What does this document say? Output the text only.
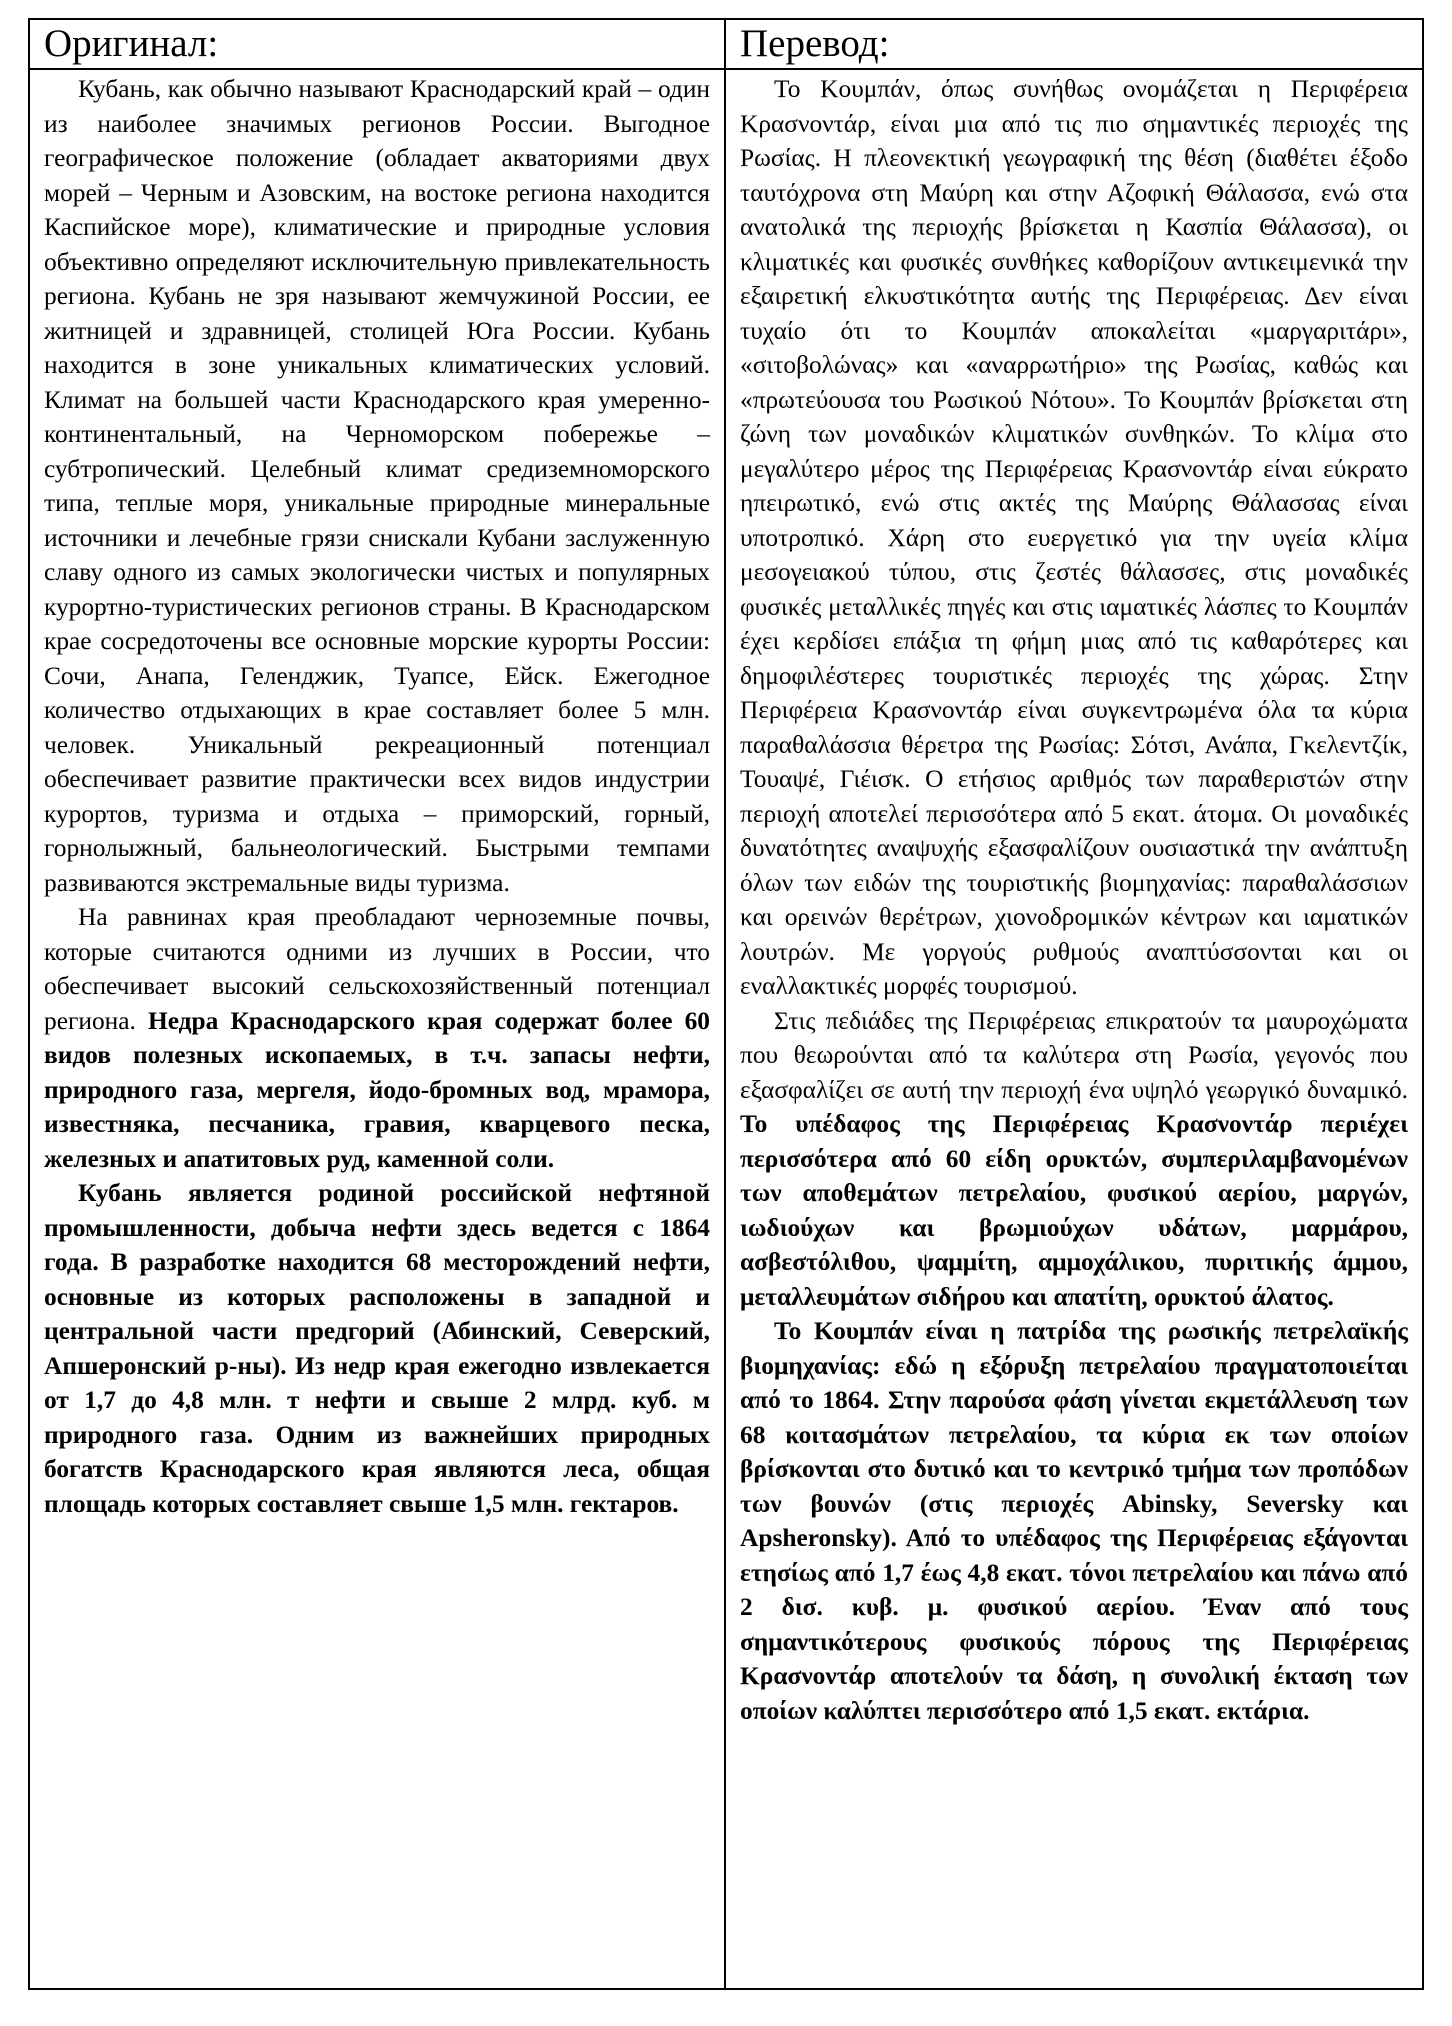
Оригинал:	Перевод:

Кубань, как обычно называют Краснодарский край – один из наиболее значимых регионов России. Выгодное географическое положение (обладает акваториями двух морей – Черным и Азовским, на востоке региона находится Каспийское море), климатические и природные условия объективно определяют исключительную привлекательность региона. Кубань не зря называют жемчужиной России, ее житницей и здравницей, столицей Юга России. Кубань находится в зоне уникальных климатических условий. Климат на большей части Краснодарского края умеренно-континентальный, на Черноморском побережье – субтропический. Целебный климат средиземноморского типа, теплые моря, уникальные природные минеральные источники и лечебные грязи снискали Кубани заслуженную славу одного из самых экологически чистых и популярных курортно-туристических регионов страны. В Краснодарском крае сосредоточены все основные морские курорты России: Сочи, Анапа, Геленджик, Туапсе, Ейск. Ежегодное количество отдыхающих в крае составляет более 5 млн. человек. Уникальный рекреационный потенциал обеспечивает развитие практически всех видов индустрии курортов, туризма и отдыха – приморский, горный, горнолыжный, бальнеологический. Быстрыми темпами развиваются экстремальные виды туризма.

На равнинах края преобладают черноземные почвы, которые считаются одними из лучших в России, что обеспечивает высокий сельскохозяйственный потенциал региона. Недра Краснодарского края содержат более 60 видов полезных ископаемых, в т.ч. запасы нефти, природного газа, мергеля, йодо-бромных вод, мрамора, известняка, песчаника, гравия, кварцевого песка, железных и апатитовых руд, каменной соли.

Кубань является родиной российской нефтяной промышленности, добыча нефти здесь ведется с 1864 года. В разработке находится 68 месторождений нефти, основные из которых расположены в западной и центральной части предгорий (Абинский, Северский, Апшеронский р-ны). Из недр края ежегодно извлекается от 1,7 до 4,8 млн. т нефти и свыше 2 млрд. куб. м природного газа. Одним из важнейших природных богатств Краснодарского края являются леса, общая площадь которых составляет свыше 1,5 млн. гектаров.

Το Κουμπάν, όπως συνήθως ονομάζεται η Περιφέρεια Κρασνοντάρ, είναι μια από τις πιο σημαντικές περιοχές της Ρωσίας. Η πλεονεκτική γεωγραφική της θέση (διαθέτει έξοδο ταυτόχρονα στη Μαύρη και στην Αζοφική Θάλασσα, ενώ στα ανατολικά της περιοχής βρίσκεται η Κασπία Θάλασσα), οι κλιματικές και φυσικές συνθήκες καθορίζουν αντικειμενικά την εξαιρετική ελκυστικότητα αυτής της Περιφέρειας. Δεν είναι τυχαίο ότι το Κουμπάν αποκαλείται «μαργαριτάρι», «σιτοβολώνας» και «αναρρωτήριο» της Ρωσίας, καθώς και «πρωτεύουσα του Ρωσικού Νότου». Το Κουμπάν βρίσκεται στη ζώνη των μοναδικών κλιματικών συνθηκών. Το κλίμα στο μεγαλύτερο μέρος της Περιφέρειας Κρασνοντάρ είναι εύκρατο ηπειρωτικό, ενώ στις ακτές της Μαύρης Θάλασσας είναι υποτροπικό. Χάρη στο ευεργετικό για την υγεία κλίμα μεσογειακού τύπου, στις ζεστές θάλασσες, στις μοναδικές φυσικές μεταλλικές πηγές και στις ιαματικές λάσπες το Κουμπάν έχει κερδίσει επάξια τη φήμη μιας από τις καθαρότερες και δημοφιλέστερες τουριστικές περιοχές της χώρας. Στην Περιφέρεια Κρασνοντάρ είναι συγκεντρωμένα όλα τα κύρια παραθαλάσσια θέρετρα της Ρωσίας: Σότσι, Ανάπα, Γκελεντζίκ, Τουαψέ, Γιέισκ. Ο ετήσιος αριθμός των παραθεριστών στην περιοχή αποτελεί περισσότερα από 5 εκατ. άτομα. Οι μοναδικές δυνατότητες αναψυχής εξασφαλίζουν ουσιαστικά την ανάπτυξη όλων των ειδών της τουριστικής βιομηχανίας: παραθαλάσσιων και ορεινών θερέτρων, χιονοδρομικών κέντρων και ιαματικών λουτρών. Με γοργούς ρυθμούς αναπτύσσονται και οι εναλλακτικές μορφές τουρισμού.

Στις πεδιάδες της Περιφέρειας επικρατούν τα μαυροχώματα που θεωρούνται από τα καλύτερα στη Ρωσία, γεγονός που εξασφαλίζει σε αυτή την περιοχή ένα υψηλό γεωργικό δυναμικό. Το υπέδαφος της Περιφέρειας Κρασνοντάρ περιέχει περισσότερα από 60 είδη ορυκτών, συμπεριλαμβανομένων των αποθεμάτων πετρελαίου, φυσικού αερίου, μαργών, ιωδιούχων και βρωμιούχων υδάτων, μαρμάρου, ασβεστόλιθου, ψαμμίτη, αμμοχάλικου, πυριτικής άμμου, μεταλλευμάτων σιδήρου και απατίτη, ορυκτού άλατος.

Το Κουμπάν είναι η πατρίδα της ρωσικής πετρελαϊκής βιομηχανίας: εδώ η εξόρυξη πετρελαίου πραγματοποιείται από το 1864. Στην παρούσα φάση γίνεται εκμετάλλευση των 68 κοιτασμάτων πετρελαίου, τα κύρια εκ των οποίων βρίσκονται στο δυτικό και το κεντρικό τμήμα των προπόδων των βουνών (στις περιοχές Abinsky, Seversky και Apsheronsky). Από το υπέδαφος της Περιφέρειας εξάγονται ετησίως από 1,7 έως 4,8 εκατ. τόνοι πετρελαίου και πάνω από 2 δισ. κυβ. μ. φυσικού αερίου. Έναν από τους σημαντικότερους φυσικούς πόρους της Περιφέρειας Κρασνοντάρ αποτελούν τα δάση, η συνολική έκταση των οποίων καλύπτει περισσότερο από 1,5 εκατ. εκτάρια.
